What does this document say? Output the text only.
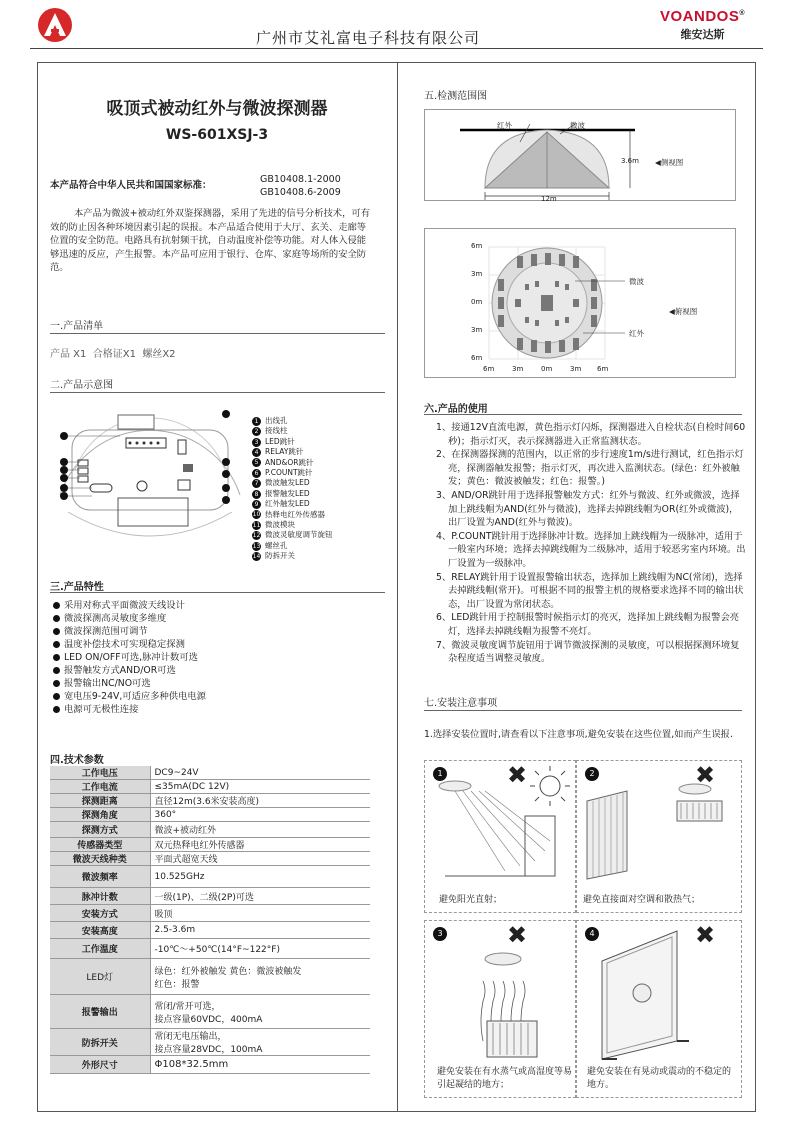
广州市艾礼富电子科技有限公司
VOANDOS®
维安达斯
吸顶式被动红外与微波探测器
WS-601XSJ-3
本产品符合中华人民共和国国家标准：
GB10408.1-2000
GB10408.6-2009
本产品为微波+被动红外双鉴探测器，采用了先进的信号分析技术，可有效的防止因各种环境因素引起的误报。本产品适合使用于大厅、玄关、走廊等位置的安全防范。电路具有抗射频干扰，自动温度补偿等功能。对人体入侵能够迅速的反应，产生报警。本产品可应用于银行、仓库、家庭等场所的安全防范。
一.产品清单
产品 X1  合格证X1  螺丝X2
二.产品示意图
1 出线孔
2 接线柱
3 LED跳针
4 RELAY跳针
5 AND&OR跳针
6 P.COUNT跳针
7 微波触发LED
8 报警触发LED
9 红外触发LED
10 热释电红外传感器
11 微波模块
12 微波灵敏度调节旋钮
13 螺丝孔
14 防拆开关
三.产品特性
采用对称式平面微波天线设计
微波探测高灵敏度多维度
微波探测范围可调节
温度补偿技术可实现稳定探测
LED ON/OFF可选,脉冲计数可选
报警触发方式AND/OR可选
报警输出NC/NO可选
宽电压9-24V,可适应多种供电电源
电源可无极性连接
四.技术参数
工作电压	DC9~24V
工作电流	≤35mA(DC 12V)
探测距离	直径12m(3.6米安装高度)
探测角度	360°
探测方式	微波+被动红外
传感器类型	双元热释电红外传感器
微波天线种类	平面式超宽天线
微波频率	10.525GHz
脉冲计数	一级(1P)、二级(2P)可选
安装方式	吸顶
安装高度	2.5-3.6m
工作温度	-10℃～+50℃(14°F~122°F)
LED灯	绿色：红外被触发 黄色：微波被触发
红色：报警

报警输出	常闭/常开可选，
接点容量60VDC，400mA

防拆开关	常闭无电压输出，
接点容量28VDC，100mA

外形尺寸	Φ108*32.5mm
五.检测范围图
红外	微波
3.6m
12m
◀侧视图
6m
3m
0m
3m
6m
6m	3m	0m	3m 6m
微波
红外
◀俯视图
六.产品的使用

1、接通12V直流电源，黄色指示灯闪烁，探测器进入自检状态(自检时间60秒)；指示灯灭，表示探测器进入正常监测状态。

2、在探测器探测的范围内，以正常的步行速度1m/s进行测试，红色指示灯亮，探测器触发报警；指示灯灭，再次进入监测状态。(绿色：红外被触发；黄色：微波被触发；红色：报警。)

3、AND/OR跳针用于选择报警触发方式：红外与微波、红外或微波，选择加上跳线帽为AND(红外与微波)，选择去掉跳线帽为OR(红外或微波)，出厂设置为AND(红外与微波)。

4、P.COUNT跳针用于选择脉冲计数。选择加上跳线帽为一级脉冲，适用于一般室内环境；选择去掉跳线帽为二级脉冲，适用于较恶劣室内环境。出厂设置为一级脉冲。

5、RELAY跳针用于设置报警输出状态，选择加上跳线帽为NC(常闭)，选择去掉跳线帽(常开)。可根据不同的报警主机的规格要求选择不同的输出状态，出厂设置为常闭状态。

6、LED跳针用于控制报警时候指示灯的亮灭，选择加上跳线帽为报警会亮灯，选择去掉跳线帽为报警不亮灯。

7、微波灵敏度调节旋钮用于调节微波探测的灵敏度，可以根据探测环境复杂程度适当调整灵敏度。

七.安装注意事项
1.选择安装位置时,请查看以下注意事项,避免安装在这些位置,如而产生误报.
1	✖
避免阳光直射；
2	✖
避免直接面对空调和散热气；
3	✖
避免安装在有水蒸气或高湿度等易引起凝结的地方；
4	✖
避免安装在有晃动或震动的不稳定的地方。
